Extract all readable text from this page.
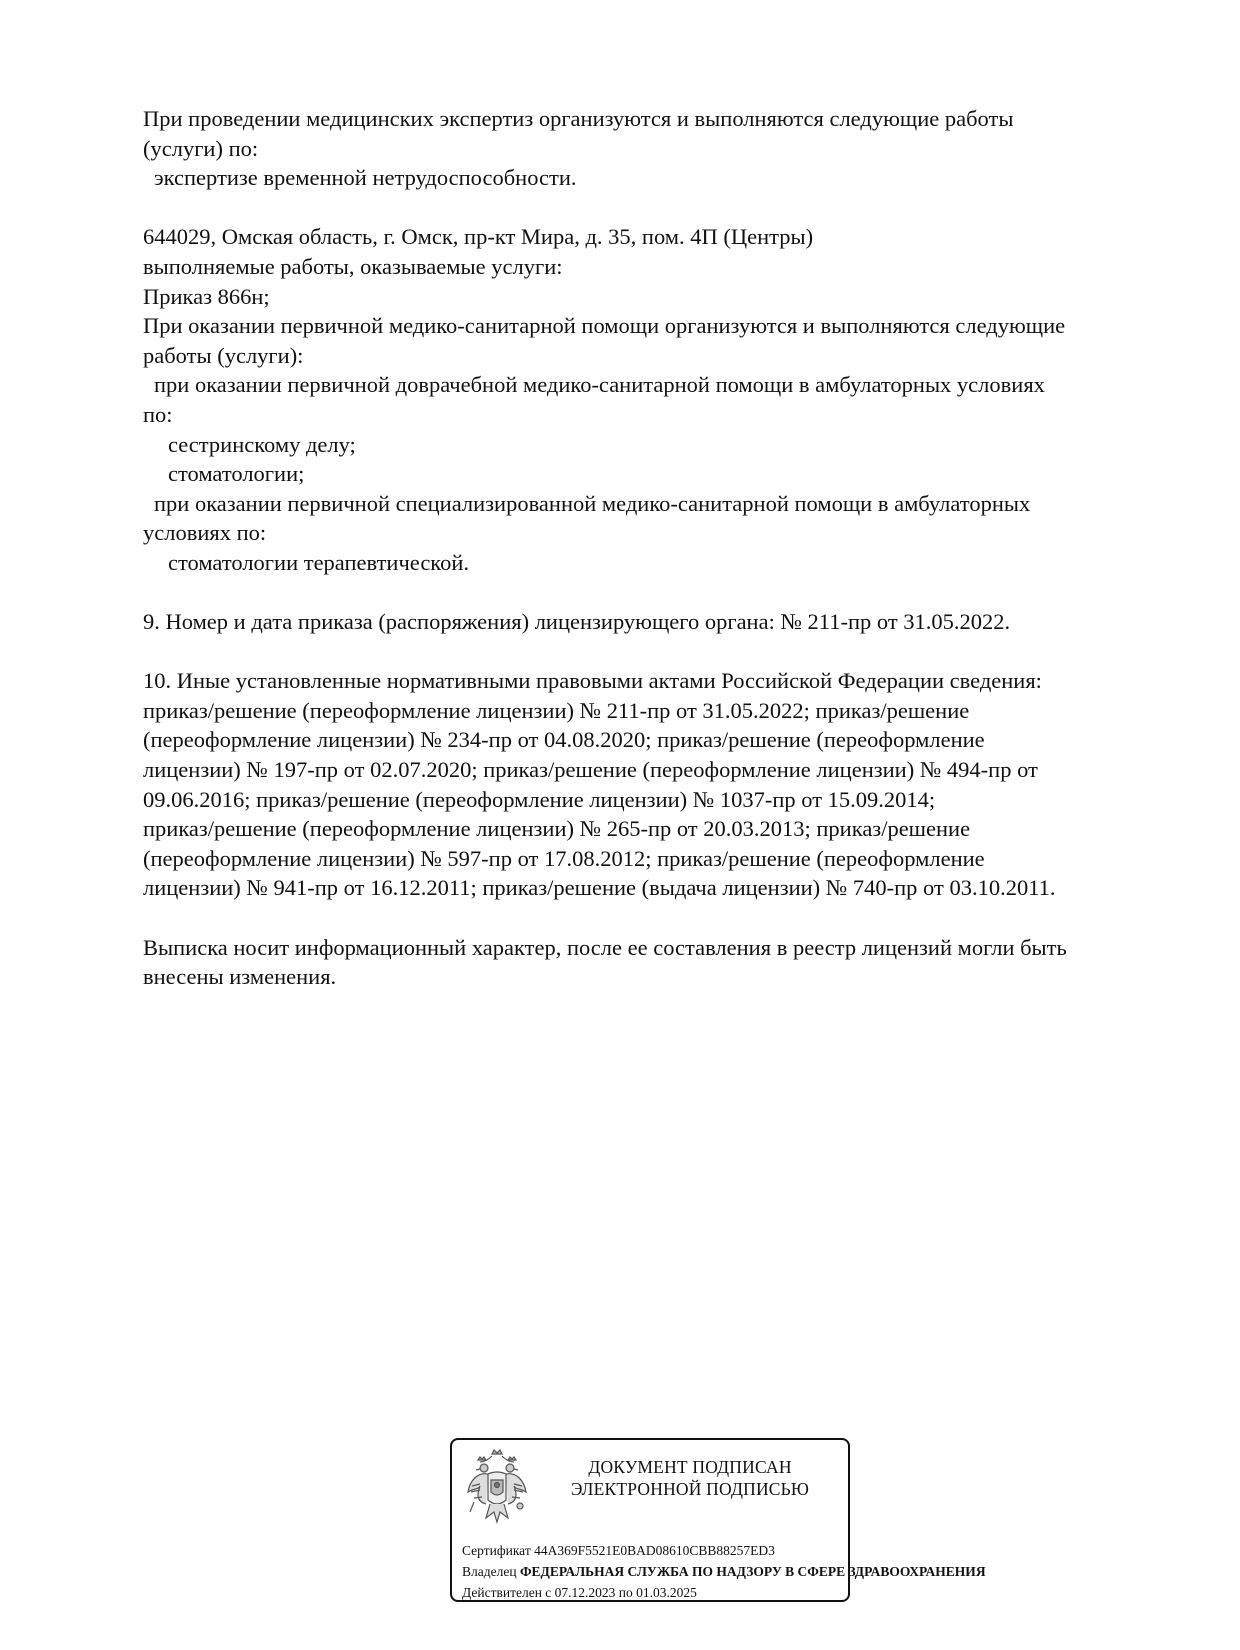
При проведении медицинских экспертиз организуются и выполняются следующие работы
(услуги) по:
экспертизе временной нетрудоспособности.
644029, Омская область, г. Омск, пр-кт Мира, д. 35, пом. 4П (Центры)
выполняемые работы, оказываемые услуги:
Приказ 866н;
При оказании первичной медико-санитарной помощи организуются и выполняются следующие
работы (услуги):
при оказании первичной доврачебной медико-санитарной помощи в амбулаторных условиях
по:
сестринскому делу;
стоматологии;
при оказании первичной специализированной медико-санитарной помощи в амбулаторных
условиях по:
стоматологии терапевтической.
9. Номер и дата приказа (распоряжения) лицензирующего органа: № 211-пр от 31.05.2022.
10. Иные установленные нормативными правовыми актами Российской Федерации сведения:
приказ/решение (переоформление лицензии) № 211-пр от 31.05.2022; приказ/решение
(переоформление лицензии) № 234-пр от 04.08.2020; приказ/решение (переоформление
лицензии) № 197-пр от 02.07.2020; приказ/решение (переоформление лицензии) № 494-пр от
09.06.2016; приказ/решение (переоформление лицензии) № 1037-пр от 15.09.2014;
приказ/решение (переоформление лицензии) № 265-пр от 20.03.2013; приказ/решение
(переоформление лицензии) № 597-пр от 17.08.2012; приказ/решение (переоформление
лицензии) № 941-пр от 16.12.2011; приказ/решение (выдача лицензии) № 740-пр от 03.10.2011.
Выписка носит информационный характер, после ее составления в реестр лицензий могли быть
внесены изменения.
ДОКУМЕНТ ПОДПИСАН
ЭЛЕКТРОННОЙ ПОДПИСЬЮ
Сертификат 44A369F5521E0BAD08610CBB88257ED3
Владелец ФЕДЕРАЛЬНАЯ СЛУЖБА ПО НАДЗОРУ В СФЕРЕ ЗДРАВООХРАНЕНИЯ
Действителен с 07.12.2023 по 01.03.2025
